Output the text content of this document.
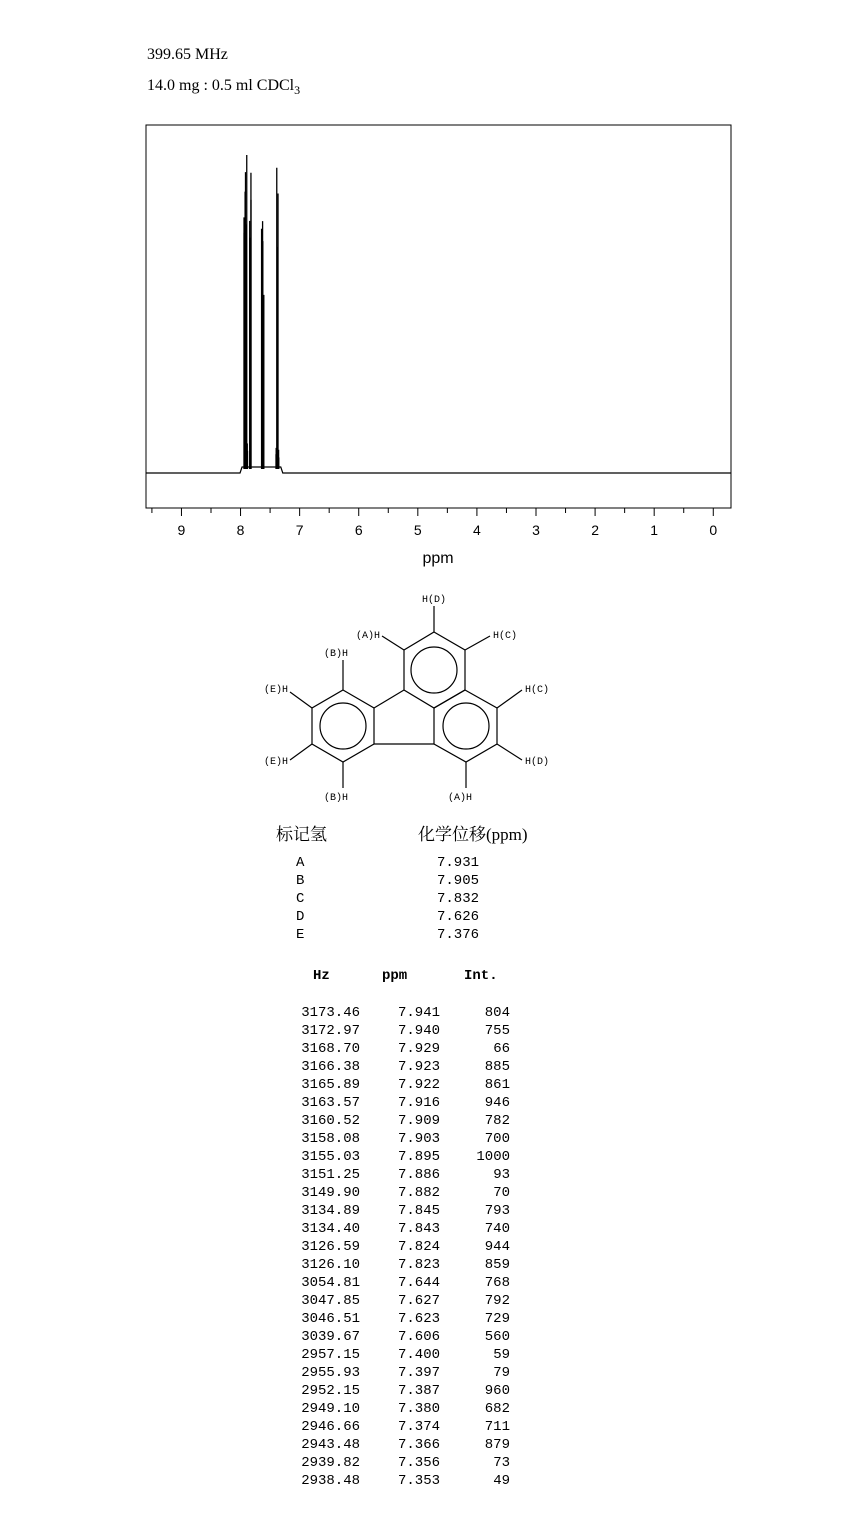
399.65 MHz
14.0 mg : 0.5 ml CDCl$_3$
9	8	7	6	5	4	3	2	1	0
ppm
H(D)
(A)H	H(C)
(B)H
(E)H	H(C)
(E)H	H(D)
(B)H	(A)H
标记氢	化学位移(ppm)
A	7.931
B	7.905
C	7.832
D	7.626
E	7.376
Hz	ppm	Int.
3173.46	7.941	804
3172.97	7.940	755
3168.70	7.929	66
3166.38	7.923	885
3165.89	7.922	861
3163.57	7.916	946
3160.52	7.909	782
3158.08	7.903	700
3155.03	7.895	1000
3151.25	7.886	93
3149.90	7.882	70
3134.89	7.845	793
3134.40	7.843	740
3126.59	7.824	944
3126.10	7.823	859
3054.81	7.644	768
3047.85	7.627	792
3046.51	7.623	729
3039.67	7.606	560
2957.15	7.400	59
2955.93	7.397	79
2952.15	7.387	960
2949.10	7.380	682
2946.66	7.374	711
2943.48	7.366	879
2939.82	7.356	73
2938.48	7.353	49
